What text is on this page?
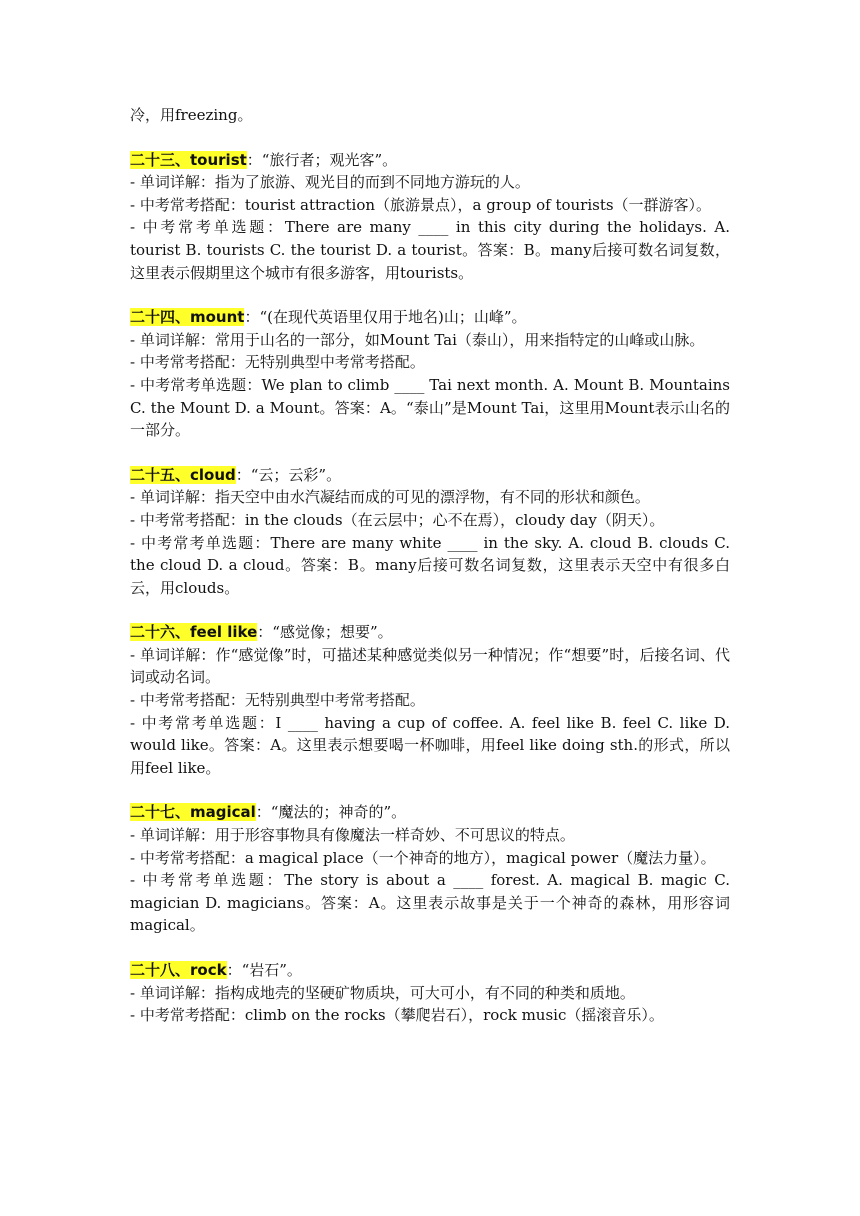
冷，用freezing。

二十三、tourist：“旅行者；观光客”。

- 单词详解：指为了旅游、观光目的而到不同地方游玩的人。

- 中考常考搭配：tourist attraction（旅游景点），a group of tourists（一群游客）。

- 中考常考单选题：There are many ____ in this city during the holidays. A. tourist B. tourists C. the tourist D. a tourist。答案：B。many后接可数名词复数，这里表示假期里这个城市有很多游客，用tourists。

二十四、mount：“(在现代英语里仅用于地名)山；山峰”。

- 单词详解：常用于山名的一部分，如Mount Tai（泰山），用来指特定的山峰或山脉。

- 中考常考搭配：无特别典型中考常考搭配。

- 中考常考单选题：We plan to climb ____ Tai next month. A. Mount B. Mountains C. the Mount D. a Mount。答案：A。“泰山”是Mount Tai，这里用Mount表示山名的一部分。

二十五、cloud：“云；云彩”。

- 单词详解：指天空中由水汽凝结而成的可见的漂浮物，有不同的形状和颜色。

- 中考常考搭配：in the clouds（在云层中；心不在焉），cloudy day（阴天）。

- 中考常考单选题：There are many white ____ in the sky. A. cloud B. clouds C. the cloud D. a cloud。答案：B。many后接可数名词复数，这里表示天空中有很多白云，用clouds。

二十六、feel like：“感觉像；想要”。

- 单词详解：作“感觉像”时，可描述某种感觉类似另一种情况；作“想要”时，后接名词、代词或动名词。

- 中考常考搭配：无特别典型中考常考搭配。

- 中考常考单选题：I ____ having a cup of coffee. A. feel like B. feel C. like D. would like。答案：A。这里表示想要喝一杯咖啡，用feel like doing sth.的形式，所以用feel like。

二十七、magical：“魔法的；神奇的”。

- 单词详解：用于形容事物具有像魔法一样奇妙、不可思议的特点。

- 中考常考搭配：a magical place（一个神奇的地方），magical power（魔法力量）。

- 中考常考单选题：The story is about a ____ forest. A. magical B. magic C. magician D. magicians。答案：A。这里表示故事是关于一个神奇的森林，用形容词magical。

二十八、rock：“岩石”。

- 单词详解：指构成地壳的坚硬矿物质块，可大可小，有不同的种类和质地。

- 中考常考搭配：climb on the rocks（攀爬岩石），rock music（摇滚音乐）。
